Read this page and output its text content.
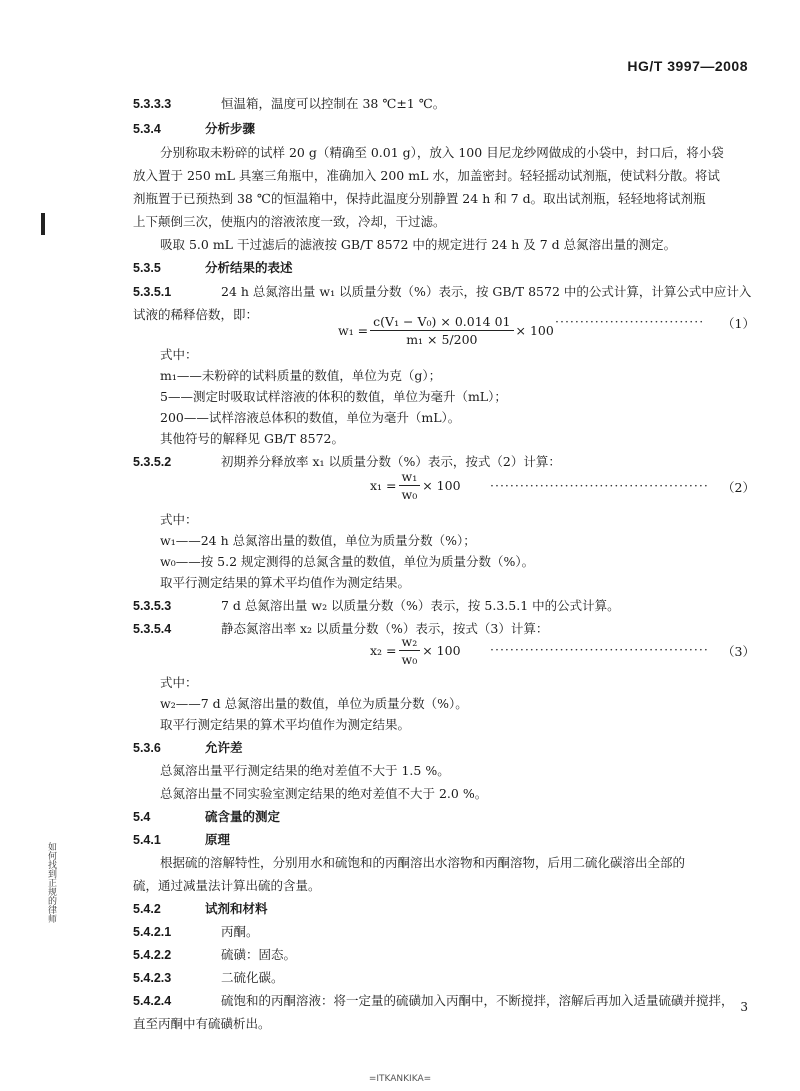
HG/T 3997—2008
5.3.3.3	恒温箱，温度可以控制在 38 ℃±1 ℃。
5.3.4	分析步骤
分别称取未粉碎的试样 20 g（精确至 0.01 g），放入 100 目尼龙纱网做成的小袋中，封口后，将小袋
放入置于 250 mL 具塞三角瓶中，准确加入 200 mL 水，加盖密封。轻轻摇动试剂瓶，使试料分散。将试
剂瓶置于已预热到 38 ℃的恒温箱中，保持此温度分别静置 24 h 和 7 d。取出试剂瓶，轻轻地将试剂瓶
上下颠倒三次，使瓶内的溶液浓度一致，冷却，干过滤。
吸取 5.0 mL 干过滤后的滤液按 GB/T 8572 中的规定进行 24 h 及 7 d 总氮溶出量的测定。
5.3.5	分析结果的表述
5.3.5.1	24 h 总氮溶出量 w₁ 以质量分数（%）表示，按 GB/T 8572 中的公式计算，计算公式中应计入
试液的稀释倍数，即：
$w_1 = \frac{\text{c(V₁ − V₀) × 0.014 01}}{\text{m₁ × 5/200}} \times 100$
······························ （1）
式中：
m₁——未粉碎的试料质量的数值，单位为克（g）；
5——测定时吸取试样溶液的体积的数值，单位为毫升（mL）；
200——试样溶液总体积的数值，单位为毫升（mL）。
其他符号的解释见 GB/T 8572。
5.3.5.2	初期养分释放率 x₁ 以质量分数（%）表示，按式（2）计算：
$x_1 = \frac{\text{w₁}}{\text{w₀}} \times 100$ ············································ （2）
式中：
w₁——24 h 总氮溶出量的数值，单位为质量分数（%）；
w₀——按 5.2 规定测得的总氮含量的数值，单位为质量分数（%）。
取平行测定结果的算术平均值作为测定结果。
5.3.5.3	7 d 总氮溶出量 w₂ 以质量分数（%）表示，按 5.3.5.1 中的公式计算。
5.3.5.4	静态氮溶出率 x₂ 以质量分数（%）表示，按式（3）计算：
$x_2 = \frac{\text{w₂}}{\text{w₀}} \times 100$ ············································ （3）
式中：
w₂——7 d 总氮溶出量的数值，单位为质量分数（%）。
取平行测定结果的算术平均值作为测定结果。
5.3.6	允许差
总氮溶出量平行测定结果的绝对差值不大于 1.5 %。
总氮溶出量不同实验室测定结果的绝对差值不大于 2.0 %。
5.4	硫含量的测定
5.4.1	原理
根据硫的溶解特性，分别用水和硫饱和的丙酮溶出水溶物和丙酮溶物，后用二硫化碳溶出全部的
硫，通过减量法计算出硫的含量。
5.4.2	试剂和材料
5.4.2.1	丙酮。
5.4.2.2	硫磺：固态。
5.4.2.3	二硫化碳。
5.4.2.4	硫饱和的丙酮溶液：将一定量的硫磺加入丙酮中，不断搅拌，溶解后再加入适量硫磺并搅拌，
直至丙酮中有硫磺析出。
如何找到正规的律师
3
=ITKANKIKA=
